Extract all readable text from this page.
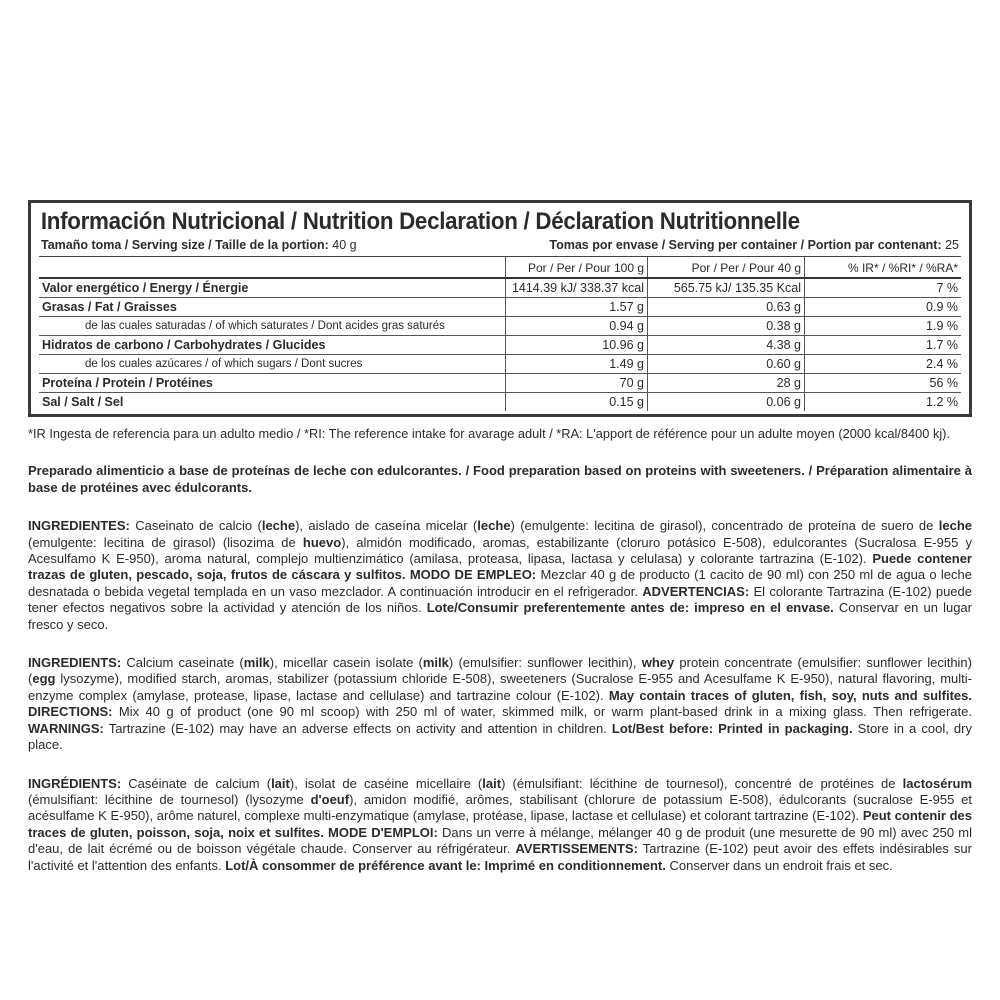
Información Nutricional / Nutrition Declaration / Déclaration Nutritionnelle
Tamaño toma / Serving size / Taille de la portion: 40 g	Tomas por envase / Serving per container / Portion par contenant: 25
	Por / Per / Pour 100 g	Por / Per / Pour 40 g	% IR* / %RI* / %RA*
Valor energético / Energy / Énergie	1414.39 kJ/ 338.37 kcal	565.75 kJ/ 135.35 Kcal	7 %
Grasas / Fat / Graisses	1.57 g	0.63 g	0.9 %
de las cuales saturadas / of which saturates / Dont acides gras saturés	0.94 g	0.38 g	1.9 %
Hidratos de carbono / Carbohydrates / Glucides	10.96 g	4.38 g	1.7 %
de los cuales azúcares / of which sugars / Dont sucres	1.49 g	0.60 g	2.4 %
Proteína / Protein / Protéines	70 g	28 g	56 %
Sal / Salt / Sel	0.15 g	0.06 g	1.2 %

*IR Ingesta de referencia para un adulto medio / *RI: The reference intake for avarage adult / *RA: L'apport de référence pour un adulte moyen (2000 kcal/8400 kj).

Preparado alimenticio a base de proteínas de leche con edulcorantes. / Food preparation based on proteins with sweeteners. / Préparation alimentaire à base de protéines avec édulcorants.

INGREDIENTES: Caseinato de calcio (leche), aislado de caseína micelar (leche) (emulgente: lecitina de girasol), concentrado de proteína de suero de leche (emulgente: lecitina de girasol) (lisozima de huevo), almidón modificado, aromas, estabilizante (cloruro potásico E-508), edulcorantes (Sucralosa E-955 y Acesulfamo K E-950), aroma natural, complejo multienzimático (amilasa, proteasa, lipasa, lactasa y celulasa) y colorante tartrazina (E-102). Puede contener trazas de gluten, pescado, soja, frutos de cáscara y sulfitos. MODO DE EMPLEO: Mezclar 40 g de producto (1 cacito de 90 ml) con 250 ml de agua o leche desnatada o bebida vegetal templada en un vaso mezclador. A continuación introducir en el refrigerador. ADVERTENCIAS: El colorante Tartrazina (E-102) puede tener efectos negativos sobre la actividad y atención de los niños. Lote/Consumir preferentemente antes de: impreso en el envase. Conservar en un lugar fresco y seco.

INGREDIENTS: Calcium caseinate (milk), micellar casein isolate (milk) (emulsifier: sunflower lecithin), whey protein concentrate (emulsifier: sunflower lecithin) (egg lysozyme), modified starch, aromas, stabilizer (potassium chloride E-508), sweeteners (Sucralose E-955 and Acesulfame K E-950), natural flavoring, multi-enzyme complex (amylase, protease, lipase, lactase and cellulase) and tartrazine colour (E-102). May contain traces of gluten, fish, soy, nuts and sulfites. DIRECTIONS: Mix 40 g of product (one 90 ml scoop) with 250 ml of water, skimmed milk, or warm plant-based drink in a mixing glass. Then refrigerate. WARNINGS: Tartrazine (E-102) may have an adverse effects on activity and attention in children. Lot/Best before: Printed in packaging. Store in a cool, dry place.

INGRÉDIENTS: Caséinate de calcium (lait), isolat de caséine micellaire (lait) (émulsifiant: lécithine de tournesol), concentré de protéines de lactosérum (émulsifiant: lécithine de tournesol) (lysozyme d'oeuf), amidon modifié, arômes, stabilisant (chlorure de potassium E-508), édulcorants (sucralose E-955 et acésulfame K E-950), arôme naturel, complexe multi-enzymatique (amylase, protéase, lipase, lactase et cellulase) et colorant tartrazine (E-102). Peut contenir des traces de gluten, poisson, soja, noix et sulfites. MODE D'EMPLOI: Dans un verre à mélange, mélanger 40 g de produit (une mesurette de 90 ml) avec 250 ml d'eau, de lait écrémé ou de boisson végétale chaude. Conserver au réfrigérateur. AVERTISSEMENTS: Tartrazine (E-102) peut avoir des effets indésirables sur l'activité et l'attention des enfants. Lot/À consommer de préférence avant le: Imprimé en conditionnement. Conserver dans un endroit frais et sec.
